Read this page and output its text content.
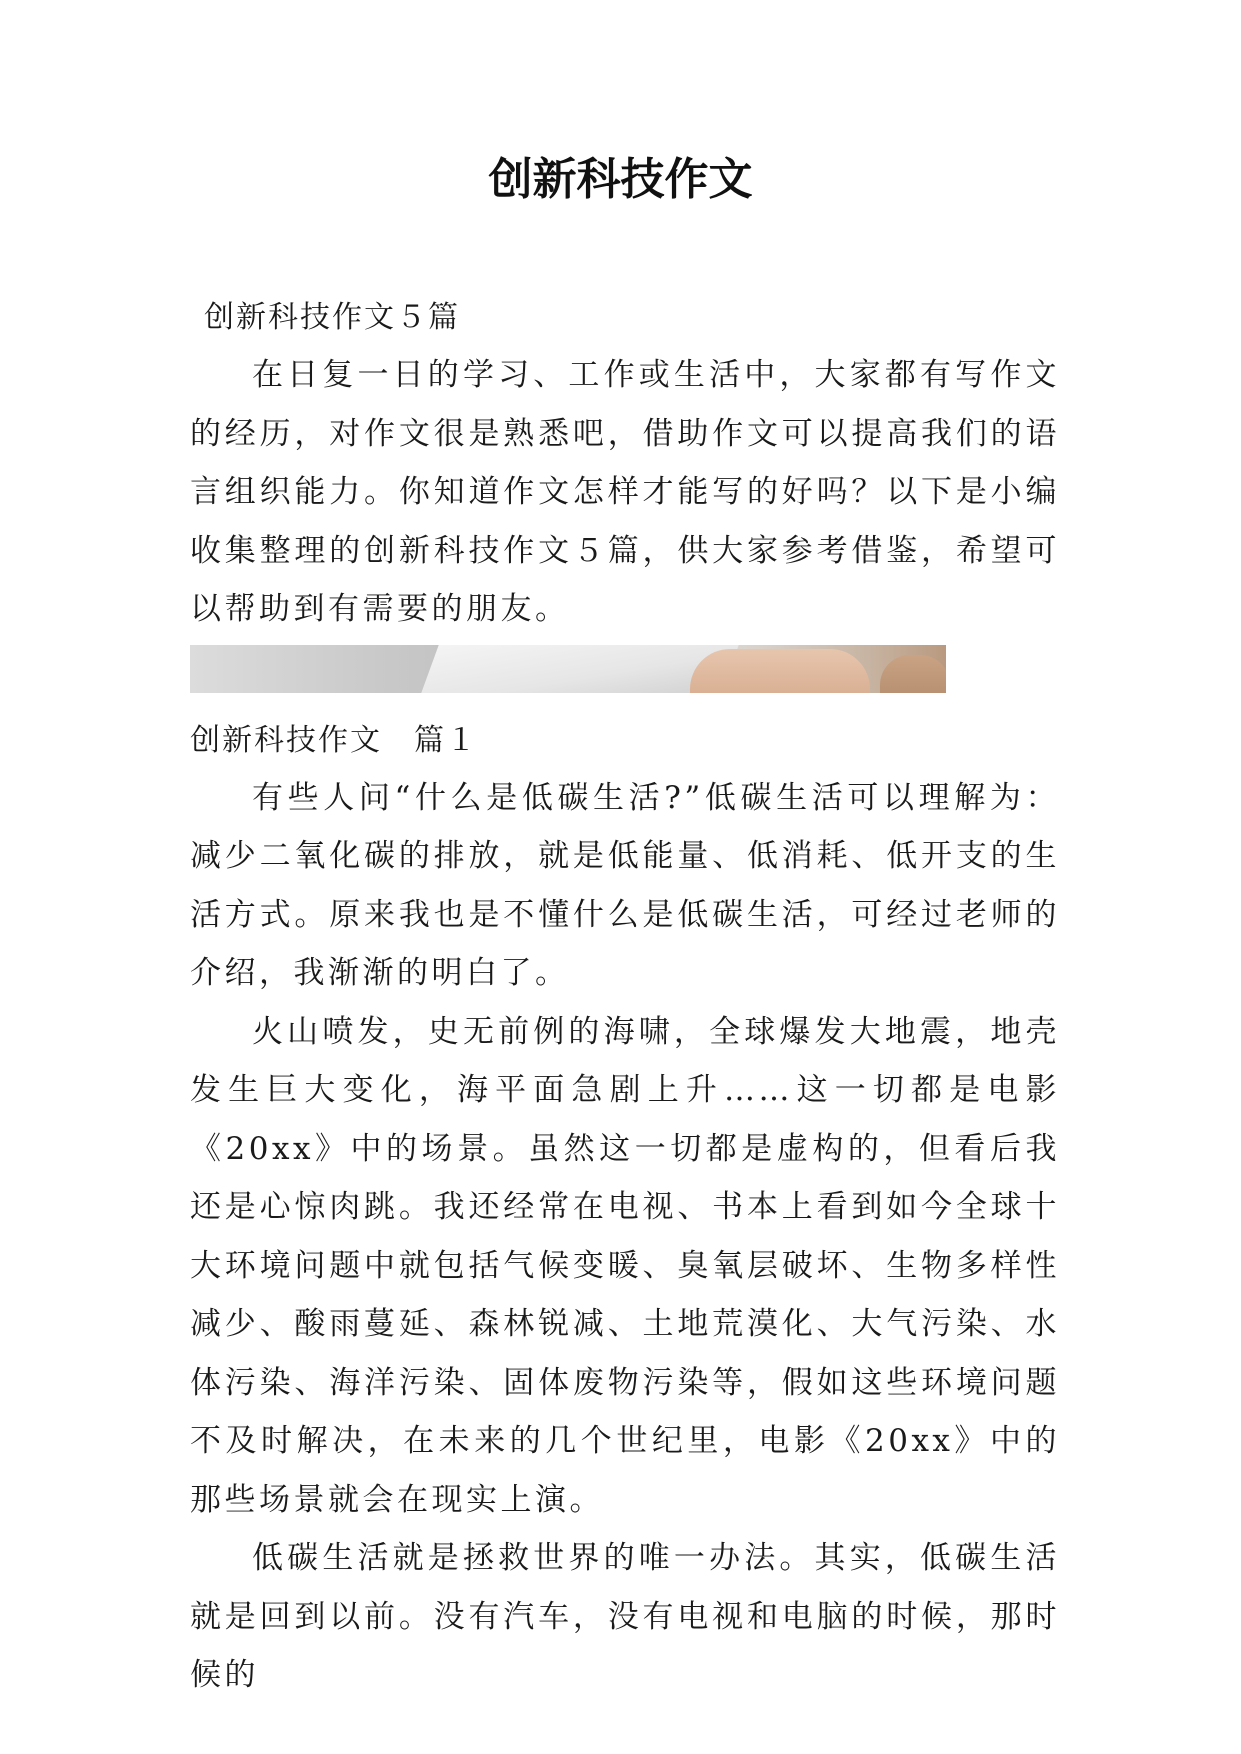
创新科技作文

创新科技作文５篇

在日复一日的学习、工作或生活中，大家都有写作文的经历，对作文很是熟悉吧，借助作文可以提高我们的语言组织能力。你知道作文怎样才能写的好吗？以下是小编收集整理的创新科技作文５篇，供大家参考借鉴，希望可以帮助到有需要的朋友。

创新科技作文　篇１

有些人问“什么是低碳生活?”低碳生活可以理解为：减少二氧化碳的排放，就是低能量、低消耗、低开支的生活方式。原来我也是不懂什么是低碳生活，可经过老师的介绍，我渐渐的明白了。

火山喷发，史无前例的海啸，全球爆发大地震，地壳发生巨大变化，海平面急剧上升……这一切都是电影《20xx》中的场景。虽然这一切都是虚构的，但看后我还是心惊肉跳。我还经常在电视、书本上看到如今全球十大环境问题中就包括气候变暖、臭氧层破坏、生物多样性减少、酸雨蔓延、森林锐减、土地荒漠化、大气污染、水体污染、海洋污染、固体废物污染等，假如这些环境问题不及时解决，在未来的几个世纪里，电影《20xx》中的那些场景就会在现实上演。

低碳生活就是拯救世界的唯一办法。其实，低碳生活就是回到以前。没有汽车，没有电视和电脑的时候，那时候的
